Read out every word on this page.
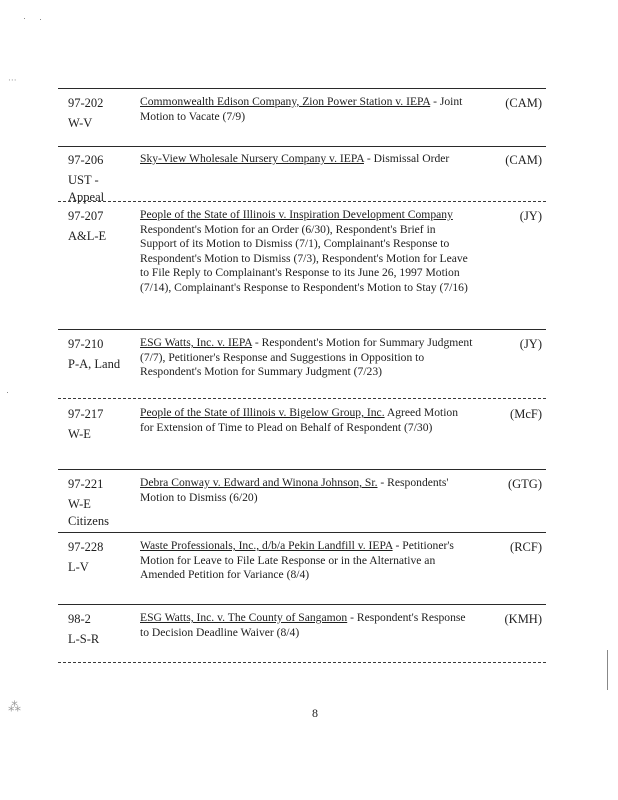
···
⁂
97-202
W-V
Commonwealth Edison Company, Zion Power Station v. IEPA - Joint Motion to Vacate (7/9)
(CAM)
97-206
UST - Appeal
Sky-View Wholesale Nursery Company v. IEPA - Dismissal Order	(CAM)
97-207
A&L-E
People of the State of Illinois v. Inspiration Development Company Respondent's Motion for an Order (6/30), Respondent's Brief in Support of its Motion to Dismiss (7/1), Complainant's Response to Respondent's Motion to Dismiss (7/3), Respondent's Motion for Leave to File Reply to Complainant's Response to its June 26, 1997 Motion (7/14), Complainant's Response to Respondent's Motion to Stay (7/16)
(JY)
97-210
P-A, Land
ESG Watts, Inc. v. IEPA - Respondent's Motion for Summary Judgment (7/7), Petitioner's Response and Suggestions in Opposition to Respondent's Motion for Summary Judgment (7/23)
(JY)
97-217
W-E
People of the State of Illinois v. Bigelow Group, Inc. Agreed Motion for Extension of Time to Plead on Behalf of Respondent (7/30)
(McF)
97-221
W-E Citizens
Debra Conway v. Edward and Winona Johnson, Sr. - Respondents' Motion to Dismiss (6/20)
(GTG)
97-228
L-V
Waste Professionals, Inc., d/b/a Pekin Landfill v. IEPA - Petitioner's Motion for Leave to File Late Response or in the Alternative an Amended Petition for Variance (8/4)
(RCF)
98-2
L-S-R
ESG Watts, Inc. v. The County of Sangamon - Respondent's Response to Decision Deadline Waiver (8/4)
(KMH)
8
